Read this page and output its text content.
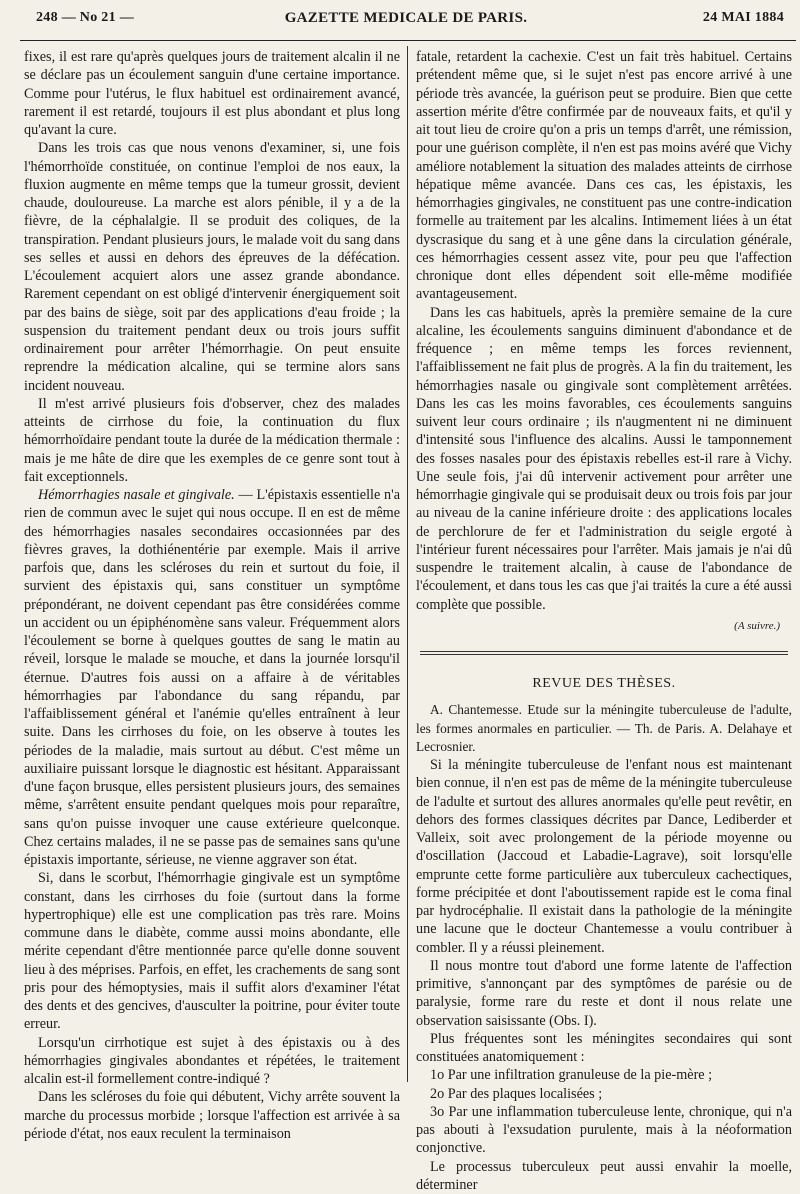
248 — No 21 —	GAZETTE MEDICALE DE PARIS.	24 MAI 1884

fixes, il est rare qu'après quelques jours de traitement alcalin il ne se déclare pas un écoulement sanguin d'une certaine importance. Comme pour l'utérus, le flux habituel est ordinairement avancé, rarement il est retardé, toujours il est plus abondant et plus long qu'avant la cure.

Dans les trois cas que nous venons d'examiner, si, une fois l'hémorrhoïde constituée, on continue l'emploi de nos eaux, la fluxion augmente en même temps que la tumeur grossit, devient chaude, douloureuse. La marche est alors pénible, il y a de la fièvre, de la céphalalgie. Il se produit des coliques, de la transpiration. Pendant plusieurs jours, le malade voit du sang dans ses selles et aussi en dehors des épreuves de la défécation. L'écoulement acquiert alors une assez grande abondance. Rarement cependant on est obligé d'intervenir énergiquement soit par des bains de siège, soit par des applications d'eau froide ; la suspension du traitement pendant deux ou trois jours suffit ordinairement pour arrêter l'hémorrhagie. On peut ensuite reprendre la médication alcaline, qui se termine alors sans incident nouveau.

Il m'est arrivé plusieurs fois d'observer, chez des malades atteints de cirrhose du foie, la continuation du flux hémorrhoïdaire pendant toute la durée de la médication thermale : mais je me hâte de dire que les exemples de ce genre sont tout à fait exceptionnels.

Hémorrhagies nasale et gingivale. — L'épistaxis essentielle n'a rien de commun avec le sujet qui nous occupe. Il en est de même des hémorrhagies nasales secondaires occasionnées par des fièvres graves, la dothiénentérie par exemple. Mais il arrive parfois que, dans les scléroses du rein et surtout du foie, il survient des épistaxis qui, sans constituer un symptôme prépondérant, ne doivent cependant pas être considérées comme un accident ou un épiphénomène sans valeur. Fréquemment alors l'écoulement se borne à quelques gouttes de sang le matin au réveil, lorsque le malade se mouche, et dans la journée lorsqu'il éternue. D'autres fois aussi on a affaire à de véritables hémorrhagies par l'abondance du sang répandu, par l'affaiblissement général et l'anémie qu'elles entraînent à leur suite. Dans les cirrhoses du foie, on les observe à toutes les périodes de la maladie, mais surtout au début. C'est même un auxiliaire puissant lorsque le diagnostic est hésitant. Apparaissant d'une façon brusque, elles persistent plusieurs jours, des semaines même, s'arrêtent ensuite pendant quelques mois pour reparaître, sans qu'on puisse invoquer une cause extérieure quelconque. Chez certains malades, il ne se passe pas de semaines sans qu'une épistaxis importante, sérieuse, ne vienne aggraver son état.

Si, dans le scorbut, l'hémorrhagie gingivale est un symptôme constant, dans les cirrhoses du foie (surtout dans la forme hypertrophique) elle est une complication pas très rare. Moins commune dans le diabète, comme aussi moins abondante, elle mérite cependant d'être mentionnée parce qu'elle donne souvent lieu à des méprises. Parfois, en effet, les crachements de sang sont pris pour des hémoptysies, mais il suffit alors d'examiner l'état des dents et des gencives, d'ausculter la poitrine, pour éviter toute erreur.

Lorsqu'un cirrhotique est sujet à des épistaxis ou à des hémorrhagies gingivales abondantes et répétées, le traitement alcalin est-il formellement contre-indiqué ?

Dans les scléroses du foie qui débutent, Vichy arrête souvent la marche du processus morbide ; lorsque l'affection est arrivée à sa période d'état, nos eaux reculent la terminaison

fatale, retardent la cachexie. C'est un fait très habituel. Certains prétendent même que, si le sujet n'est pas encore arrivé à une période très avancée, la guérison peut se produire. Bien que cette assertion mérite d'être confirmée par de nouveaux faits, et qu'il y ait tout lieu de croire qu'on a pris un temps d'arrêt, une rémission, pour une guérison complète, il n'en est pas moins avéré que Vichy améliore notablement la situation des malades atteints de cirrhose hépatique même avancée. Dans ces cas, les épistaxis, les hémorrhagies gingivales, ne constituent pas une contre-indication formelle au traitement par les alcalins. Intimement liées à un état dyscrasique du sang et à une gêne dans la circulation générale, ces hémorrhagies cessent assez vite, pour peu que l'affection chronique dont elles dépendent soit elle-même modifiée avantageusement.

Dans les cas habituels, après la première semaine de la cure alcaline, les écoulements sanguins diminuent d'abondance et de fréquence ; en même temps les forces reviennent, l'affaiblissement ne fait plus de progrès. A la fin du traitement, les hémorrhagies nasale ou gingivale sont complètement arrêtées. Dans les cas les moins favorables, ces écoulements sanguins suivent leur cours ordinaire ; ils n'augmentent ni ne diminuent d'intensité sous l'influence des alcalins. Aussi le tamponnement des fosses nasales pour des épistaxis rebelles est-il rare à Vichy. Une seule fois, j'ai dû intervenir activement pour arrêter une hémorrhagie gingivale qui se produisait deux ou trois fois par jour au niveau de la canine inférieure droite : des applications locales de perchlorure de fer et l'administration du seigle ergoté à l'intérieur furent nécessaires pour l'arrêter. Mais jamais je n'ai dû suspendre le traitement alcalin, à cause de l'abondance de l'écoulement, et dans tous les cas que j'ai traités la cure a été aussi complète que possible.

(A suivre.)
REVUE DES THÈSES.

A. Chantemesse. Etude sur la méningite tuberculeuse de l'adulte, les formes anormales en particulier. — Th. de Paris. A. Delahaye et Lecrosnier.

Si la méningite tuberculeuse de l'enfant nous est maintenant bien connue, il n'en est pas de même de la méningite tuberculeuse de l'adulte et surtout des allures anormales qu'elle peut revêtir, en dehors des formes classiques décrites par Dance, Lediberder et Valleix, soit avec prolongement de la période moyenne ou d'oscillation (Jaccoud et Labadie-Lagrave), soit lorsqu'elle emprunte cette forme particulière aux tuberculeux cachectiques, forme précipitée et dont l'aboutissement rapide est le coma final par hydrocéphalie. Il existait dans la pathologie de la méningite une lacune que le docteur Chantemesse a voulu contribuer à combler. Il y a réussi pleinement.

Il nous montre tout d'abord une forme latente de l'affection primitive, s'annonçant par des symptômes de parésie ou de paralysie, forme rare du reste et dont il nous relate une observation saisissante (Obs. I).

Plus fréquentes sont les méningites secondaires qui sont constituées anatomiquement :

1o Par une infiltration granuleuse de la pie-mère ;

2o Par des plaques localisées ;

3o Par une inflammation tuberculeuse lente, chronique, qui n'a pas abouti à l'exsudation purulente, mais à la néoformation conjonctive.

Le processus tuberculeux peut aussi envahir la moelle, déterminer
